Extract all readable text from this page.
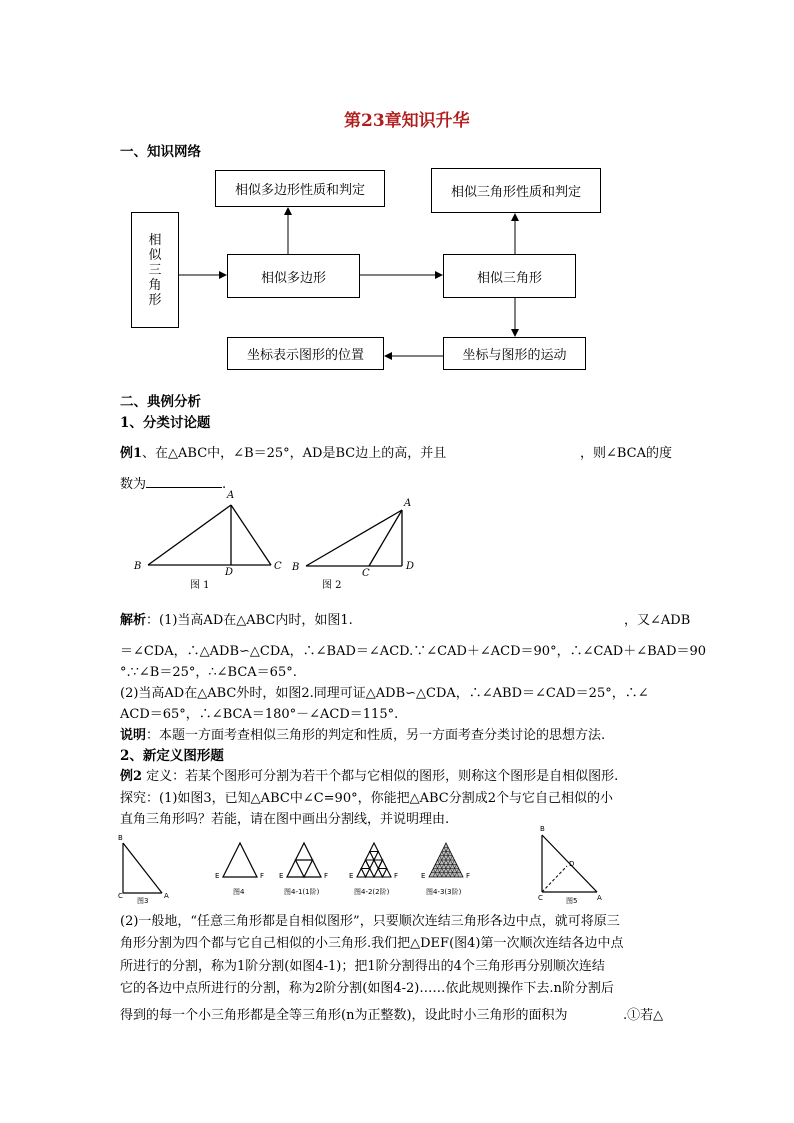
第23章知识升华
一、知识网络
相似多边形性质和判定	相似三角形性质和判定
相
似
三
角
形
相似多边形	相似三角形
坐标表示图形的位置	坐标与图形的运动
二、典例分析
1、分类讨论题
例1、在△ABC中，∠B＝25°，AD是BC边上的高，并且	，则∠BCA的度
数为	.
A
B	C
D
图 1
A
B
C
D
图 2
解析：(1)当高AD在△ABC内时，如图1.	，又∠ADB
＝∠CDA，∴△ADB∽△CDA，∴∠BAD＝∠ACD.∵∠CAD＋∠ACD＝90°，∴∠CAD＋∠BAD＝90
°.∵∠B＝25°，∴∠BCA＝65°.
(2)当高AD在△ABC外时，如图2.同理可证△ADB∽△CDA，∴∠ABD＝∠CAD＝25°，∴∠
ACD＝65°，∴∠BCA＝180°－∠ACD＝115°.
说明：本题一方面考查相似三角形的判定和性质，另一方面考查分类讨论的思想方法.
2、新定义图形题
例2 定义：若某个图形可分割为若干个都与它相似的图形，则称这个图形是自相似图形.
探究：(1)如图3，已知△ABC中∠C=90°，你能把△ABC分割成2个与它自己相似的小
直角三角形吗？若能，请在图中画出分割线，并说明理由.
B
C	A
图3
E	F
图4
E	F
图4-1(1阶)
E	F
图4-2(2阶)
E	F
图4-3(3阶)
B
D
C	A
图5
(2)一般地，“任意三角形都是自相似图形”，只要顺次连结三角形各边中点，就可将原三
角形分割为四个都与它自己相似的小三角形.我们把△DEF(图4)第一次顺次连结各边中点
所进行的分割，称为1阶分割(如图4-1)；把1阶分割得出的4个三角形再分别顺次连结
它的各边中点所进行的分割，称为2阶分割(如图4-2)……依此规则操作下去.n阶分割后
得到的每一个小三角形都是全等三角形(n为正整数)，设此时小三角形的面积为	.①若△
